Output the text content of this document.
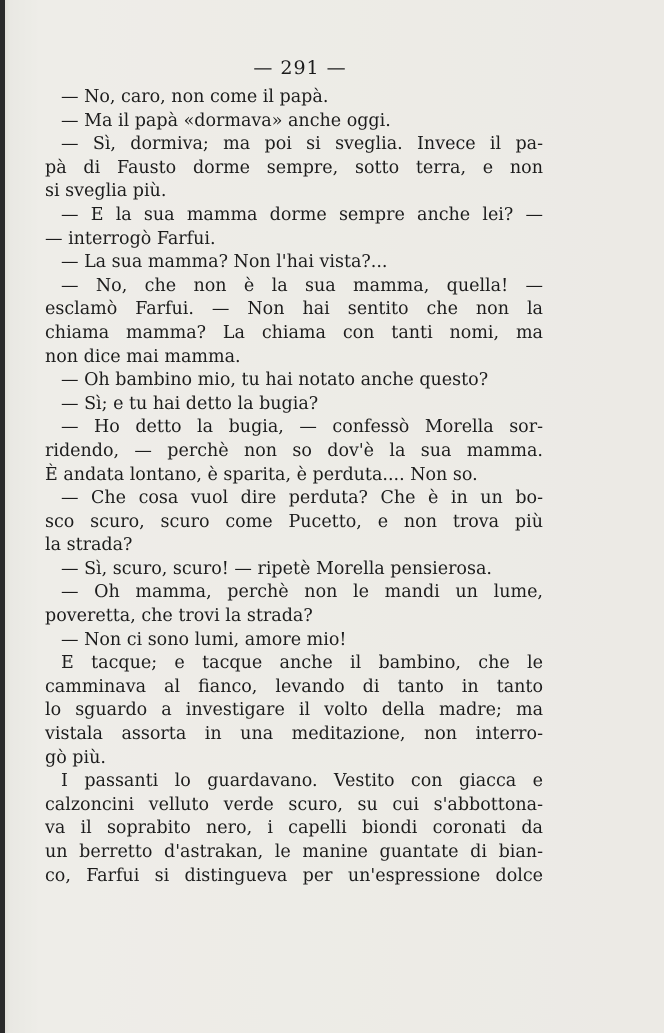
— 291 —
— No, caro, non come il papà.
— Ma il papà «dormava» anche oggi.
— Sì, dormiva; ma poi si sveglia. Invece il pa-
pà di Fausto dorme sempre, sotto terra, e non
si sveglia più.
— E la sua mamma dorme sempre anche lei? —
— interrogò Farfui.
— La sua mamma? Non l'hai vista?...
— No, che non è la sua mamma, quella! —
esclamò Farfui. — Non hai sentito che non la
chiama mamma? La chiama con tanti nomi, ma
non dice mai mamma.
— Oh bambino mio, tu hai notato anche questo?
— Sì; e tu hai detto la bugia?
— Ho detto la bugia, — confessò Morella sor-
ridendo, — perchè non so dov'è la sua mamma.
È andata lontano, è sparita, è perduta.... Non so.
— Che cosa vuol dire perduta? Che è in un bo-
sco scuro, scuro come Pucetto, e non trova più
la strada?
— Sì, scuro, scuro! — ripetè Morella pensierosa.
— Oh mamma, perchè non le mandi un lume,
poveretta, che trovi la strada?
— Non ci sono lumi, amore mio!
E tacque; e tacque anche il bambino, che le
camminava al fianco, levando di tanto in tanto
lo sguardo a investigare il volto della madre; ma
vistala assorta in una meditazione, non interro-
gò più.
I passanti lo guardavano. Vestito con giacca e
calzoncini velluto verde scuro, su cui s'abbottona-
va il soprabito nero, i capelli biondi coronati da
un berretto d'astrakan, le manine guantate di bian-
co, Farfui si distingueva per un'espressione dolce
